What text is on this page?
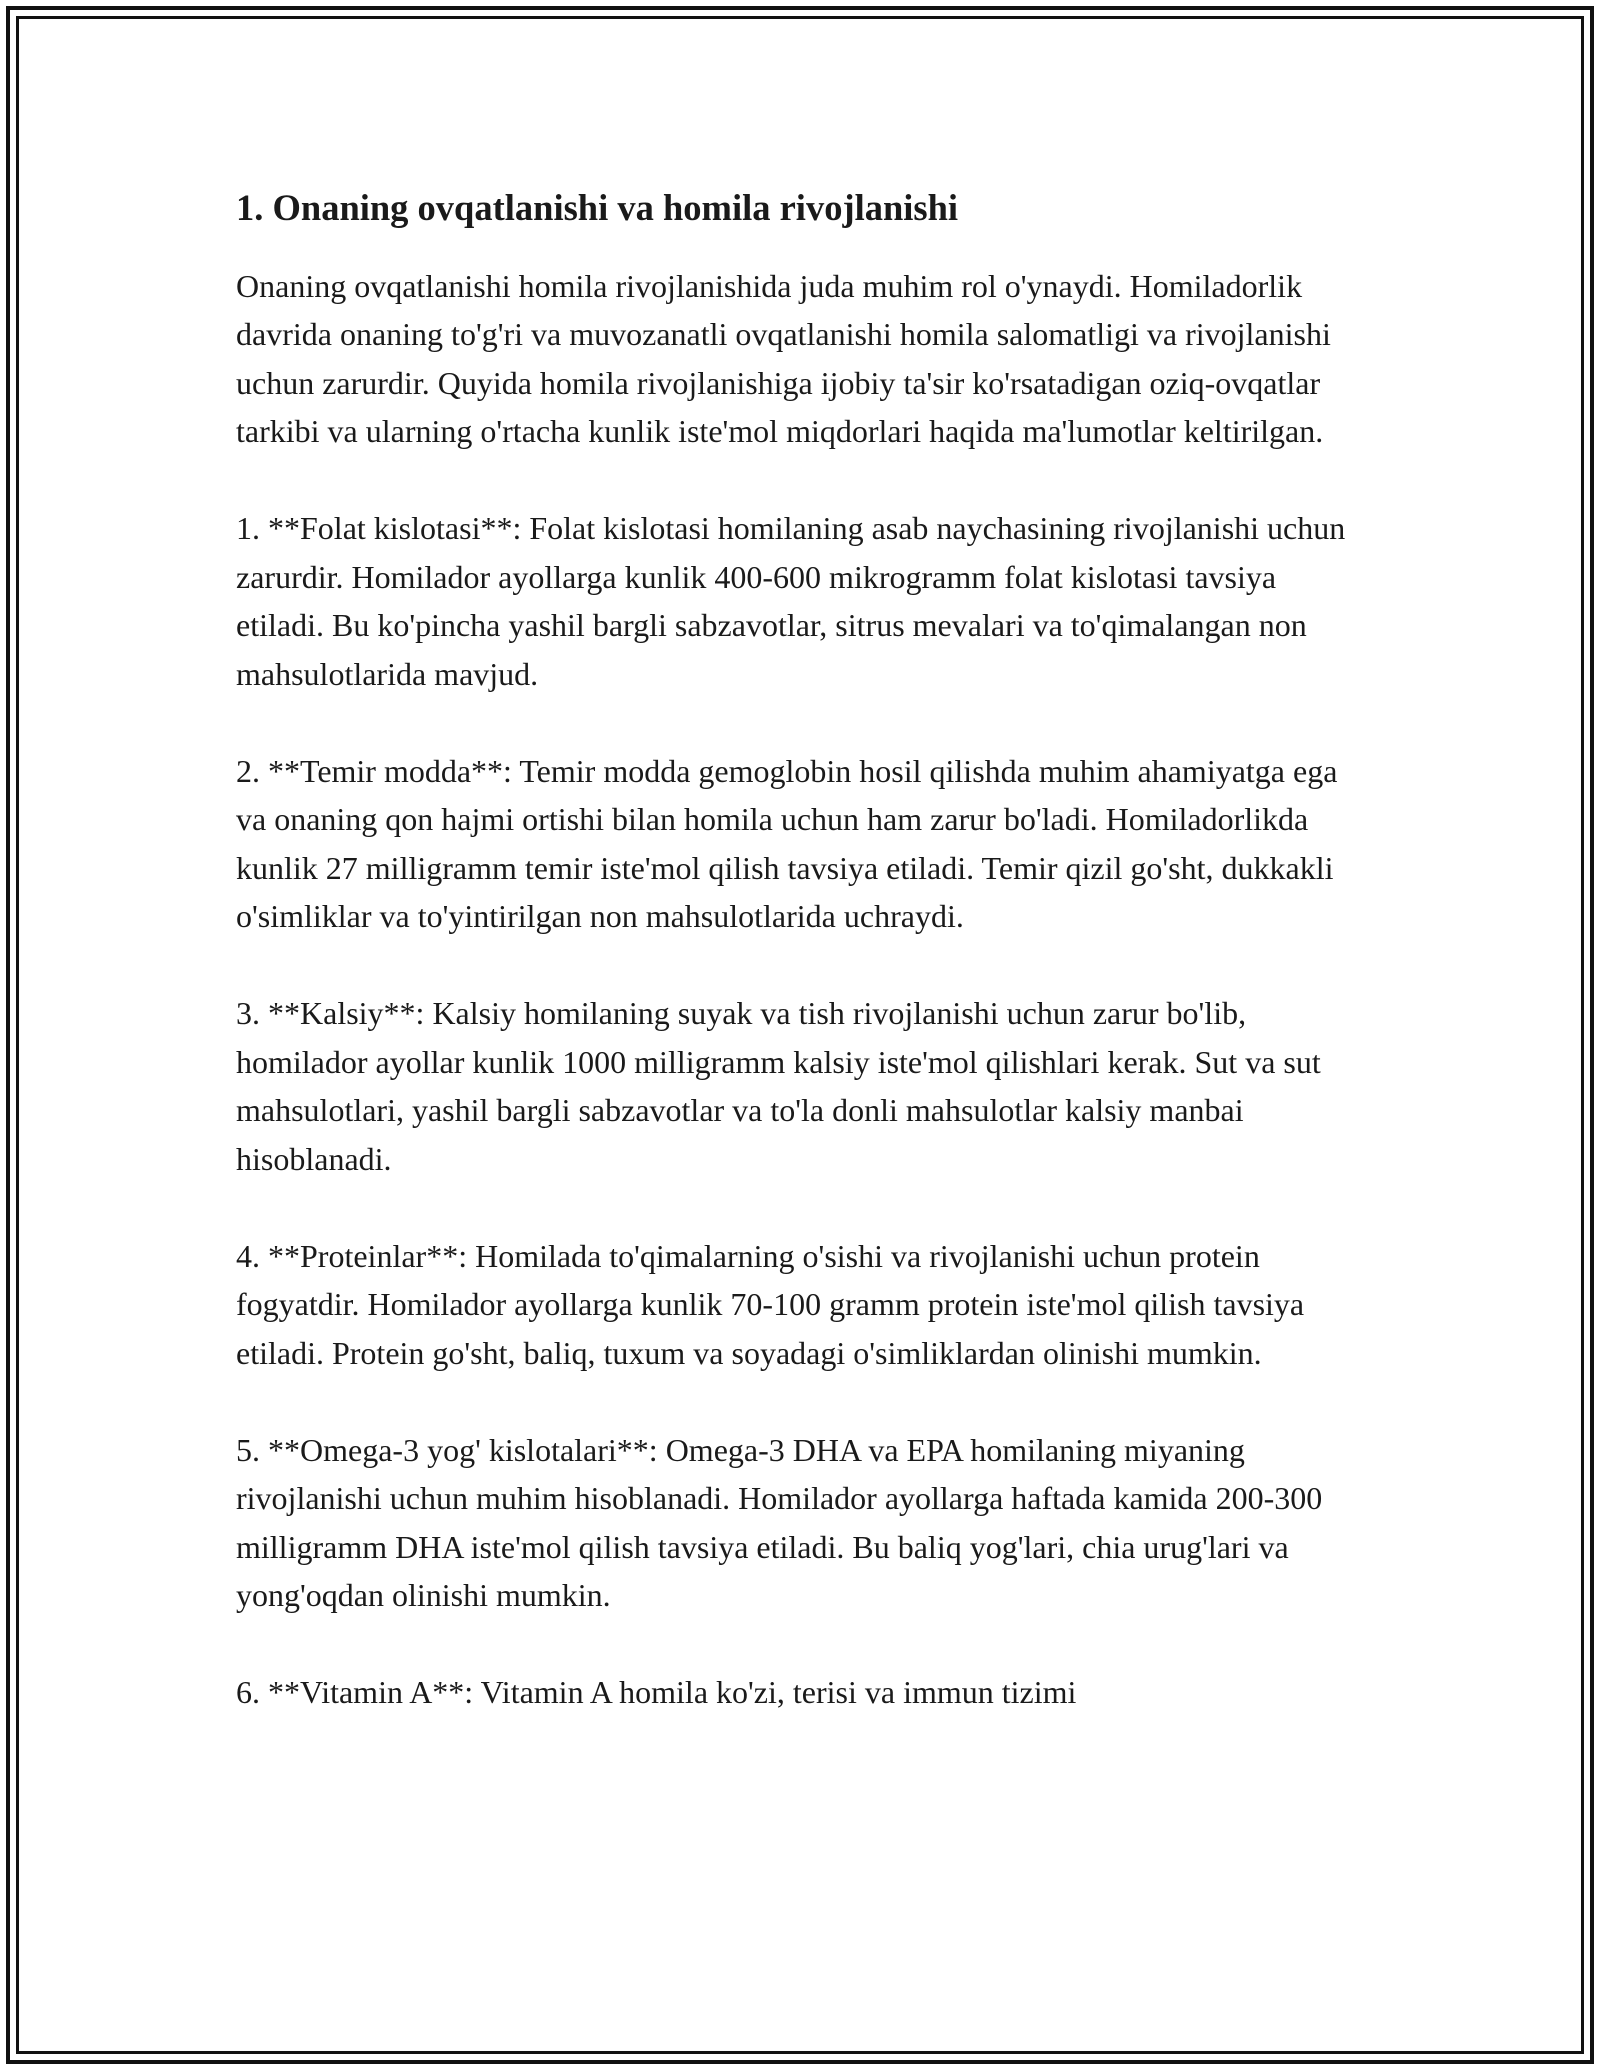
1. Onaning ovqatlanishi va homila rivojlanishi

Onaning ovqatlanishi homila rivojlanishida juda muhim rol o'ynaydi. Homiladorlik davrida onaning to'g'ri va muvozanatli ovqatlanishi homila salomatligi va rivojlanishi uchun zarurdir. Quyida homila rivojlanishiga ijobiy ta'sir ko'rsatadigan oziq-ovqatlar tarkibi va ularning o'rtacha kunlik iste'mol miqdorlari haqida ma'lumotlar keltirilgan.

1. **Folat kislotasi**: Folat kislotasi homilaning asab naychasining rivojlanishi uchun zarurdir. Homilador ayollarga kunlik 400-600 mikrogramm folat kislotasi tavsiya etiladi. Bu ko'pincha yashil bargli sabzavotlar, sitrus mevalari va to'qimalangan non mahsulotlarida mavjud.

2. **Temir modda**: Temir modda gemoglobin hosil qilishda muhim ahamiyatga ega va onaning qon hajmi ortishi bilan homila uchun ham zarur bo'ladi. Homiladorlikda kunlik 27 milligramm temir iste'mol qilish tavsiya etiladi. Temir qizil go'sht, dukkakli o'simliklar va to'yintirilgan non mahsulotlarida uchraydi.

3. **Kalsiy**: Kalsiy homilaning suyak va tish rivojlanishi uchun zarur bo'lib, homilador ayollar kunlik 1000 milligramm kalsiy iste'mol qilishlari kerak. Sut va sut mahsulotlari, yashil bargli sabzavotlar va to'la donli mahsulotlar kalsiy manbai hisoblanadi.

4. **Proteinlar**: Homilada to'qimalarning o'sishi va rivojlanishi uchun protein fogyatdir. Homilador ayollarga kunlik 70-100 gramm protein iste'mol qilish tavsiya etiladi. Protein go'sht, baliq, tuxum va soyadagi o'simliklardan olinishi mumkin.

5. **Omega-3 yog' kislotalari**: Omega-3 DHA va EPA homilaning miyaning rivojlanishi uchun muhim hisoblanadi. Homilador ayollarga haftada kamida 200-300 milligramm DHA iste'mol qilish tavsiya etiladi. Bu baliq yog'lari, chia urug'lari va yong'oqdan olinishi mumkin.

6. **Vitamin A**: Vitamin A homila ko'zi, terisi va immun tizimi
